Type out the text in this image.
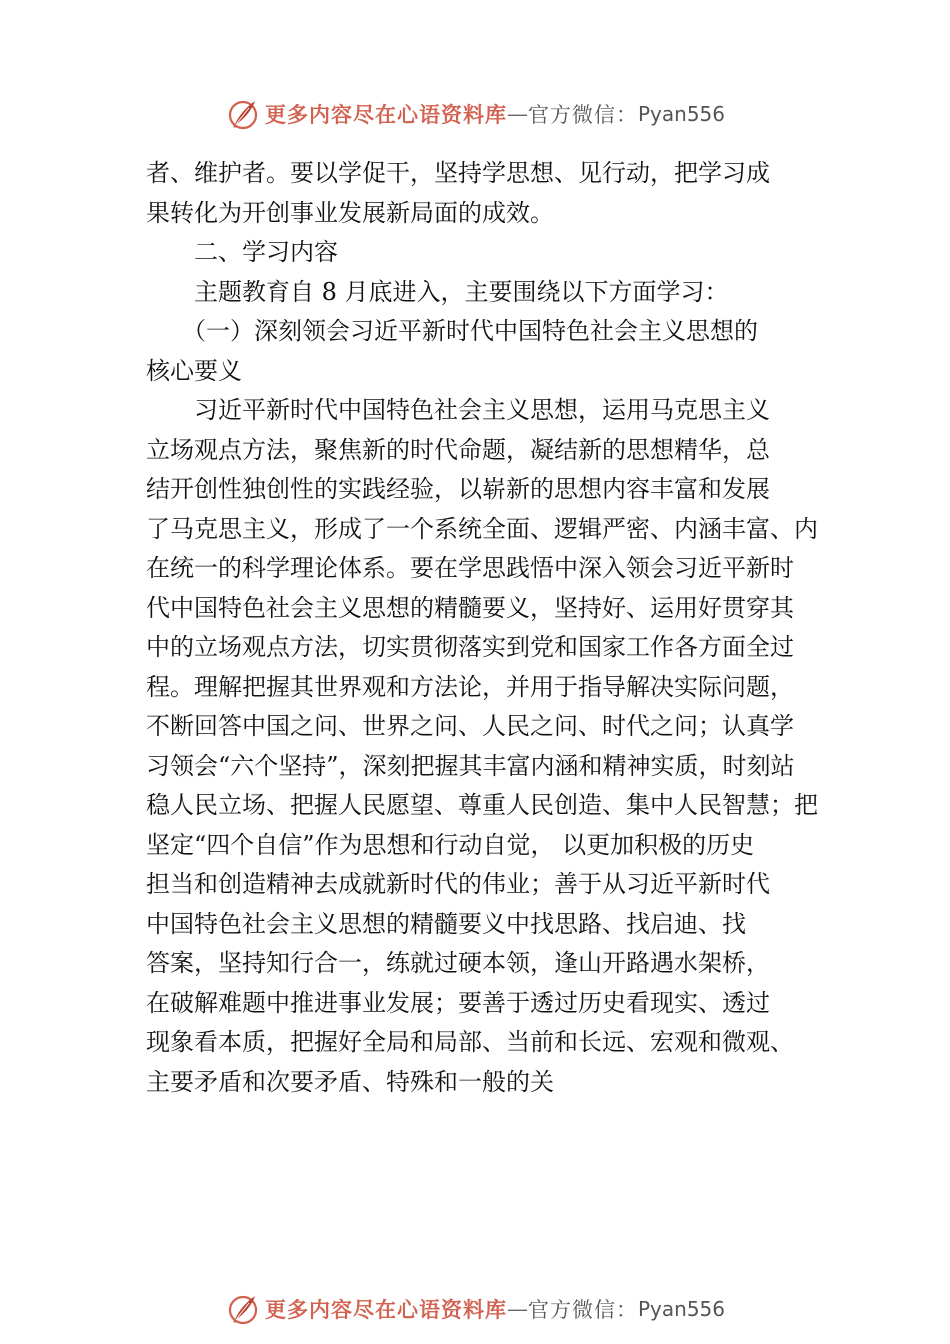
更多内容尽在心语资料库 — 官方微信： Pyan556
者、维护者。要以学促干，坚持学思想、见行动，把学习成
果转化为开创事业发展新局面的成效。
　　二、学习内容
　　主题教育自 8 月底进入，主要围绕以下方面学习：
　　（一）深刻领会习近平新时代中国特色社会主义思想的
核心要义
　　习近平新时代中国特色社会主义思想，运用马克思主义
立场观点方法，聚焦新的时代命题，凝结新的思想精华，总
结开创性独创性的实践经验，以崭新的思想内容丰富和发展
了马克思主义，形成了一个系统全面、逻辑严密、内涵丰富、内
在统一的科学理论体系。要在学思践悟中深入领会习近平新时
代中国特色社会主义思想的精髓要义，坚持好、运用好贯穿其
中的立场观点方法，切实贯彻落实到党和国家工作各方面全过
程。理解把握其世界观和方法论，并用于指导解决实际问题，
不断回答中国之问、世界之问、人民之问、时代之问；认真学
习领会“六个坚持”，深刻把握其丰富内涵和精神实质，时刻站
稳人民立场、把握人民愿望、尊重人民创造、集中人民智慧；把
坚定“四个自信”作为思想和行动自觉， 以更加积极的历史
担当和创造精神去成就新时代的伟业；善于从习近平新时代
中国特色社会主义思想的精髓要义中找思路、找启迪、找
答案，坚持知行合一，练就过硬本领，逢山开路遇水架桥，
在破解难题中推进事业发展；要善于透过历史看现实、透过
现象看本质，把握好全局和局部、当前和长远、宏观和微观、
主要矛盾和次要矛盾、特殊和一般的关
更多内容尽在心语资料库 — 官方微信： Pyan556
